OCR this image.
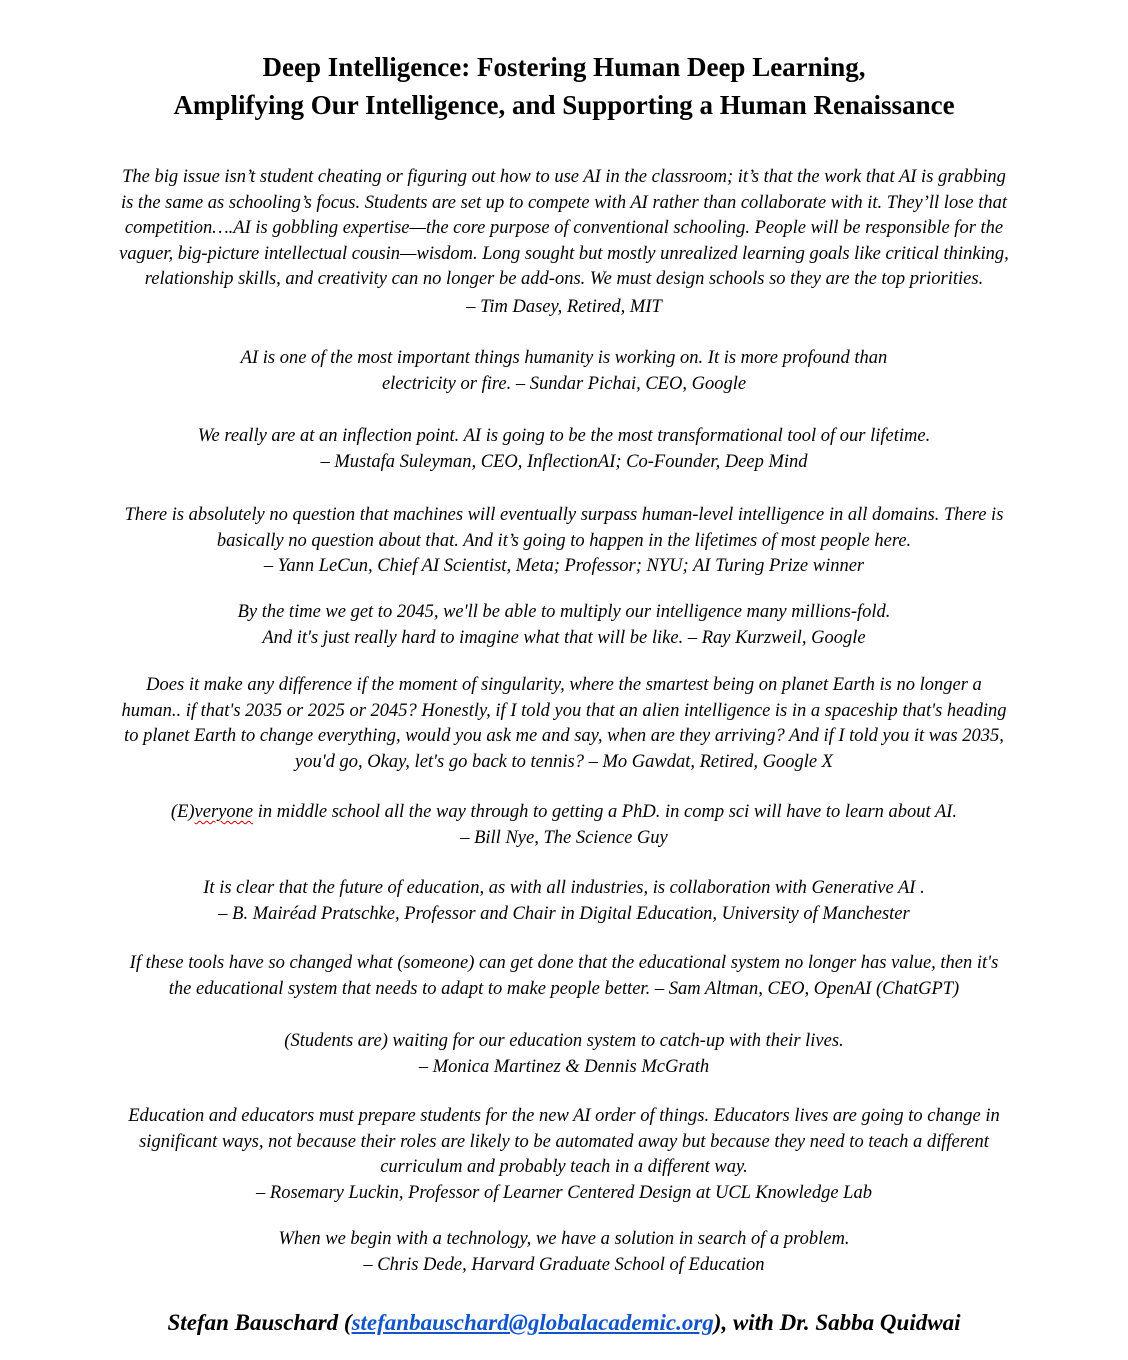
Deep Intelligence: Fostering Human Deep Learning,
Amplifying Our Intelligence, and Supporting a Human Renaissance
The big issue isn’t student cheating or figuring out how to use AI in the classroom; it’s that the work that AI is grabbing
is the same as schooling’s focus. Students are set up to compete with AI rather than collaborate with it. They’ll lose that
competition….AI is gobbling expertise—the core purpose of conventional schooling. People will be responsible for the
vaguer, big-picture intellectual cousin—wisdom. Long sought but mostly unrealized learning goals like critical thinking,
relationship skills, and creativity can no longer be add-ons. We must design schools so they are the top priorities.
– Tim Dasey, Retired, MIT
AI is one of the most important things humanity is working on. It is more profound than
electricity or fire. – Sundar Pichai, CEO, Google
We really are at an inflection point. AI is going to be the most transformational tool of our lifetime.
– Mustafa Suleyman, CEO, InflectionAI; Co-Founder, Deep Mind
There is absolutely no question that machines will eventually surpass human-level intelligence in all domains. There is
basically no question about that. And it’s going to happen in the lifetimes of most people here.
– Yann LeCun, Chief AI Scientist, Meta; Professor; NYU; AI Turing Prize winner
By the time we get to 2045, we'll be able to multiply our intelligence many millions-fold.
And it's just really hard to imagine what that will be like. – Ray Kurzweil, Google
Does it make any difference if the moment of singularity, where the smartest being on planet Earth is no longer a
human.. if that's 2035 or 2025 or 2045? Honestly, if I told you that an alien intelligence is in a spaceship that's heading
to planet Earth to change everything, would you ask me and say, when are they arriving? And if I told you it was 2035,
you'd go, Okay, let's go back to tennis? – Mo Gawdat, Retired, Google X
(E)veryone in middle school all the way through to getting a PhD. in comp sci will have to learn about AI.
– Bill Nye, The Science Guy
It is clear that the future of education, as with all industries, is collaboration with Generative AI .
– B. Mairéad Pratschke, Professor and Chair in Digital Education, University of Manchester
If these tools have so changed what (someone) can get done that the educational system no longer has value, then it's
the educational system that needs to adapt to make people better. – Sam Altman, CEO, OpenAI (ChatGPT)
(Students are) waiting for our education system to catch-up with their lives.
– Monica Martinez & Dennis McGrath
Education and educators must prepare students for the new AI order of things. Educators lives are going to change in
significant ways, not because their roles are likely to be automated away but because they need to teach a different
curriculum and probably teach in a different way.
– Rosemary Luckin, Professor of Learner Centered Design at UCL Knowledge Lab
When we begin with a technology, we have a solution in search of a problem.
– Chris Dede, Harvard Graduate School of Education
Stefan Bauschard (stefanbauschard@globalacademic.org), with Dr. Sabba Quidwai
